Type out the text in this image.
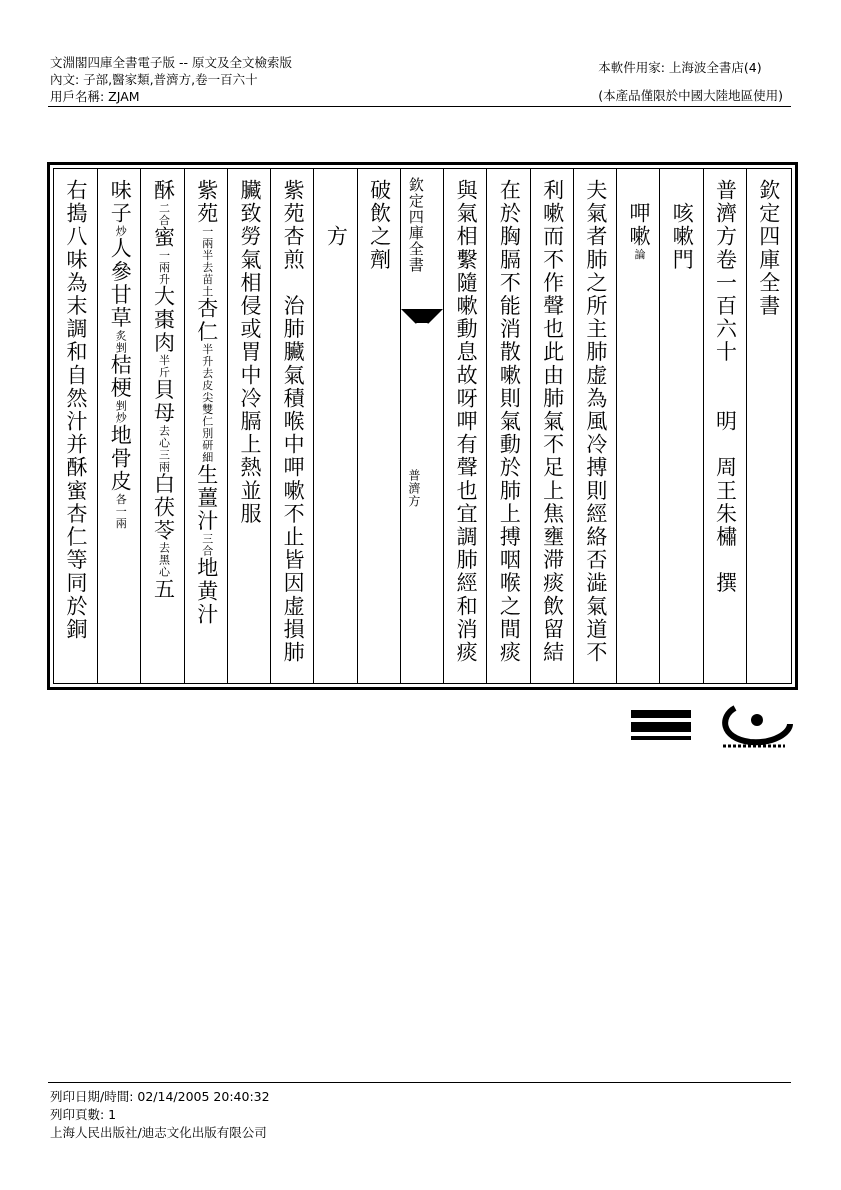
文淵閣四庫全書電子版 -- 原文及全文檢索版
內文: 子部,醫家類,普濟方,卷一百六十
用戶名稱: ZJAM
本軟件用家: 上海波全書店(4)
(本產品僅限於中國大陸地區使用)
欽定四庫全書
普濟方卷一百六十　　明　周王朱橚　撰
　咳嗽門
　呷嗽論
夫氣者肺之所主肺虚為風冷搏則經絡否澁氣道不
利嗽而不作聲也此由肺氣不足上焦壅滞痰飲留結
在於胸膈不能消散嗽則氣動於肺上搏咽喉之間痰
與氣相繫隨嗽動息故呀呷有聲也宜調肺經和消痰
欽定四庫全書
普濟方
破飲之劑
　　方
紫苑杏煎　治肺臟氣積喉中呷嗽不止皆因虚損肺
臟致勞氣相侵或胃中冷膈上熱並服
紫苑一兩半去苗土杏仁半升去皮尖雙仁別研細生薑汁三合地黄汁
酥二合蜜一兩升大棗肉半斤貝母去心三兩白茯苓去黑心五
味子炒人參甘草炙剉桔梗剉炒地骨皮各一兩
右搗八味為末調和自然汁并酥蜜杏仁等同於銅
列印日期/時間: 02/14/2005 20:40:32
列印頁數: 1
上海人民出版社/迪志文化出版有限公司
